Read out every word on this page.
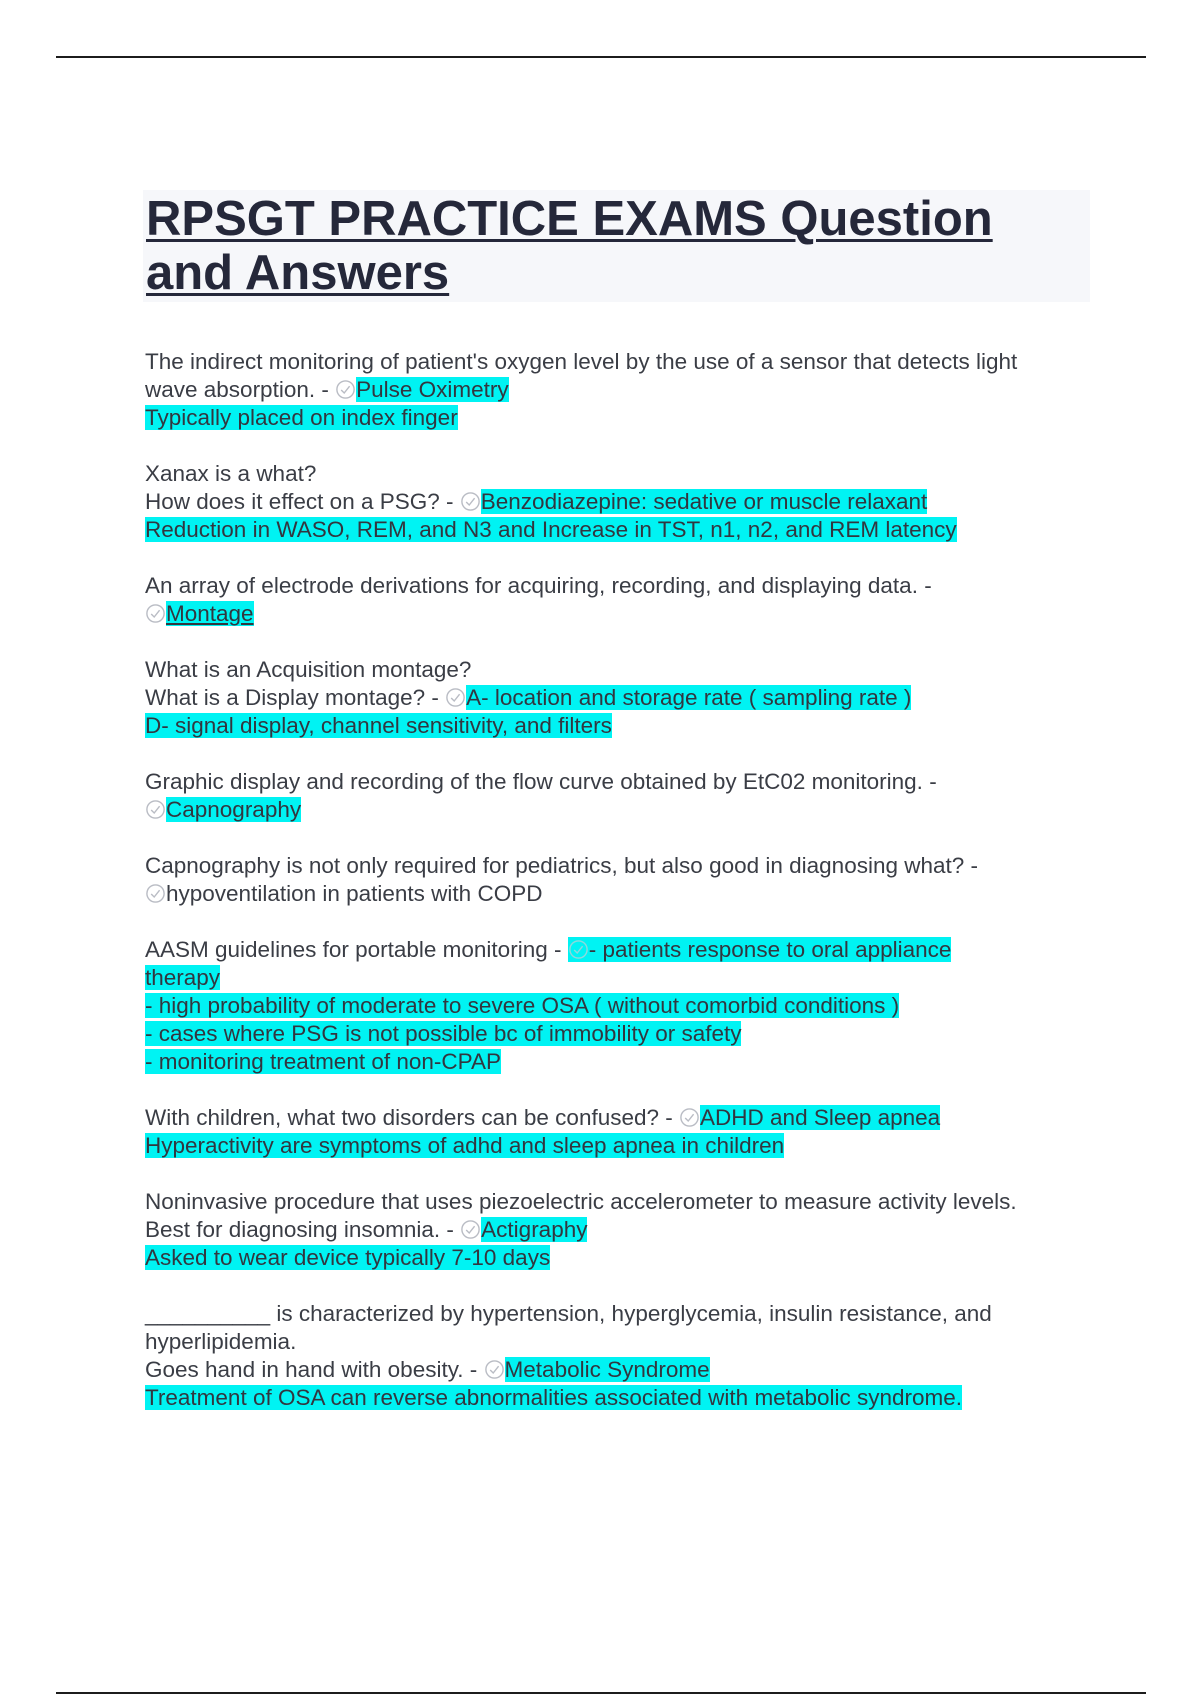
RPSGT PRACTICE EXAMS Question and Answers
The indirect monitoring of patient's oxygen level by the use of a sensor that detects light
wave absorption. -
Pulse Oximetry
Typically placed on index finger
Xanax is a what?
How does it effect on a PSG? -
Benzodiazepine: sedative or muscle relaxant
Reduction in WASO, REM, and N3 and Increase in TST, n1, n2, and REM latency
An array of electrode derivations for acquiring, recording, and displaying data. -
Montage
What is an Acquisition montage?
What is a Display montage? -
A- location and storage rate ( sampling rate )
D- signal display, channel sensitivity, and filters
Graphic display and recording of the flow curve obtained by EtC02 monitoring. -
Capnography
Capnography is not only required for pediatrics, but also good in diagnosing what? -
hypoventilation in patients with COPD
AASM guidelines for portable monitoring -
- patients response to oral appliance
therapy
- high probability of moderate to severe OSA ( without comorbid conditions )
- cases where PSG is not possible bc of immobility or safety
- monitoring treatment of non-CPAP
With children, what two disorders can be confused? -
ADHD and Sleep apnea
Hyperactivity are symptoms of adhd and sleep apnea in children
Noninvasive procedure that uses piezoelectric accelerometer to measure activity levels.
Best for diagnosing insomnia. -
Actigraphy
Asked to wear device typically 7-10 days
__________ is characterized by hypertension, hyperglycemia, insulin resistance, and
hyperlipidemia.
Goes hand in hand with obesity. -
Metabolic Syndrome
Treatment of OSA can reverse abnormalities associated with metabolic syndrome.
